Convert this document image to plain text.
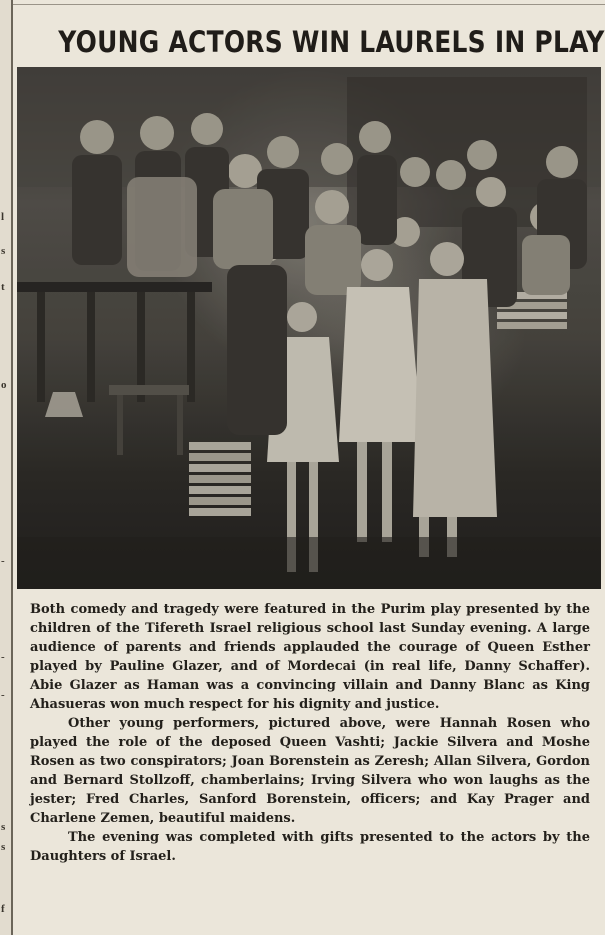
l
s
t
o
-
-
-
s
s
f
YOUNG ACTORS WIN LAURELS IN PLAY

Both comedy and tragedy were featured in the Purim play presented by the children of the Tifereth Israel religious school last Sunday evening. A large audience of parents and friends applauded the courage of Queen Esther played by Pauline Glazer, and of Mordecai (in real life, Danny Schaffer). Abie Glazer as Haman was a convincing villain and Danny Blanc as King Ahasueras won much respect for his dignity and justice.

Other young performers, pictured above, were Hannah Rosen who played the role of the deposed Queen Vashti; Jackie Silvera and Moshe Rosen as two conspirators; Joan Borenstein as Zeresh; Allan Silvera, Gordon and Bernard Stollzoff, chamberlains; Irving Silvera who won laughs as the jester; Fred Charles, Sanford Borenstein, officers; and Kay Prager and Charlene Zemen, beautiful maidens.

The evening was completed with gifts presented to the actors by the Daughters of Israel.
